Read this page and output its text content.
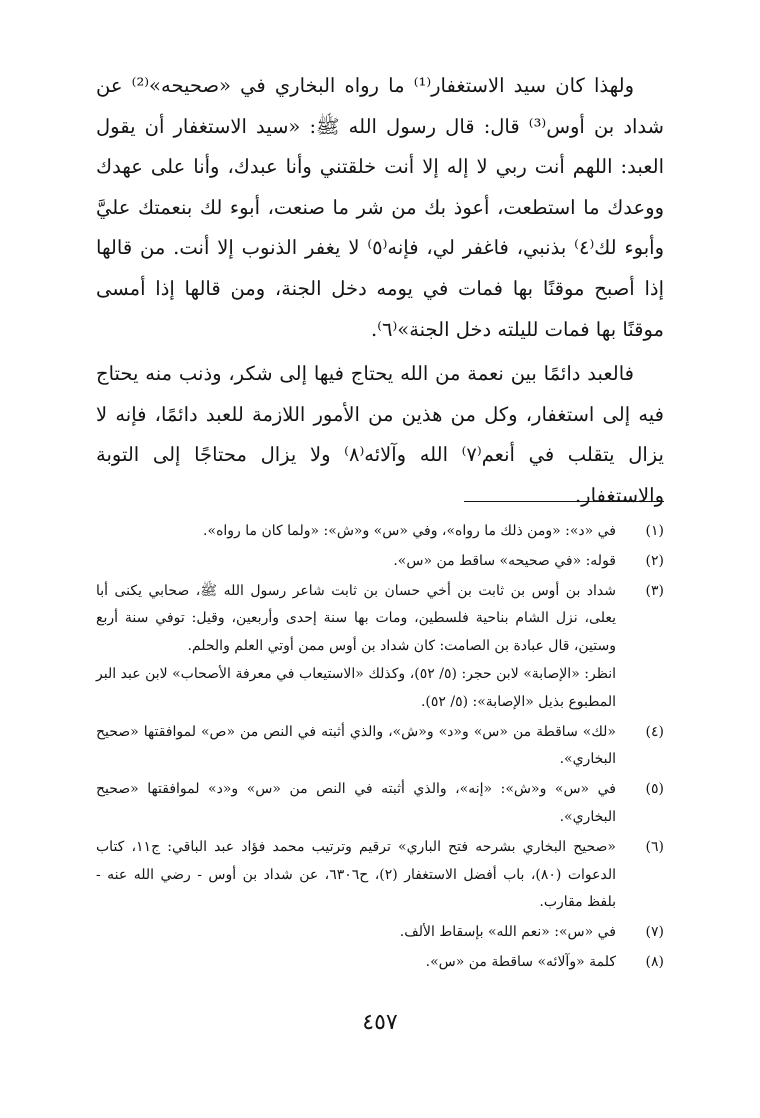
ولهذا كان سيد الاستغفار⁽¹⁾ ما رواه البخاري في «صحيحه»⁽²⁾ عن شداد بن أوس⁽³⁾ قال: قال رسول الله ﷺ: «سيد الاستغفار أن يقول العبد: اللهم أنت ربي لا إله إلا أنت خلقتني وأنا عبدك، وأنا على عهدك ووعدك ما استطعت، أعوذ بك من شر ما صنعت، أبوء لك بنعمتك عليَّ وأبوء لك⁽٤⁾ بذنبي، فاغفر لي، فإنه⁽٥⁾ لا يغفر الذنوب إلا أنت. من قالها إذا أصبح موقنًا بها فمات في يومه دخل الجنة، ومن قالها إذا أمسى موقنًا بها فمات لليلته دخل الجنة»⁽٦⁾.

فالعبد دائمًا بين نعمة من الله يحتاج فيها إلى شكر، وذنب منه يحتاج فيه إلى استغفار، وكل من هذين من الأمور اللازمة للعبد دائمًا، فإنه لا يزال يتقلب في أنعم⁽٧⁾ الله وآلائه⁽٨⁾ ولا يزال محتاجًا إلى التوبة والاستغفار.

(١)
في «د»: «ومن ذلك ما رواه»، وفي «س» و«ش»: «ولما كان ما رواه».
(٢)
قوله: «في صحيحه» ساقط من «س».
(٣)
شداد بن أوس بن ثابت بن أخي حسان بن ثابت شاعر رسول الله ﷺ، صحابي يكنى أبا يعلى، نزل الشام بناحية فلسطين، ومات بها سنة إحدى وأربعين، وقيل: توفي سنة أربع وستين، قال عبادة بن الصامت: كان شداد بن أوس ممن أوتي العلم والحلم.
انظر: «الإصابة» لابن حجر: (٥/ ٥٢)، وكذلك «الاستيعاب في معرفة الأصحاب» لابن عبد البر المطبوع بذيل «الإصابة»: (٥/ ٥٢).
(٤)
«لك» ساقطة من «س» و«د» و«ش»، والذي أثبته في النص من «ص» لموافقتها «صحيح البخاري».
(٥)
في «س» و«ش»: «إنه»، والذي أثبته في النص من «س» و«د» لموافقتها «صحيح البخاري».
(٦)
«صحيح البخاري بشرحه فتح الباري» ترقيم وترتيب محمد فؤاد عبد الباقي: ج١١، كتاب الدعوات (٨٠)، باب أفضل الاستغفار (٢)، ح٦٣٠٦، عن شداد بن أوس - رضي الله عنه - بلفظ مقارب.
(٧)
في «س»: «نعم الله» بإسقاط الألف.
(٨)
كلمة «وآلائه» ساقطة من «س».
٤٥٧
